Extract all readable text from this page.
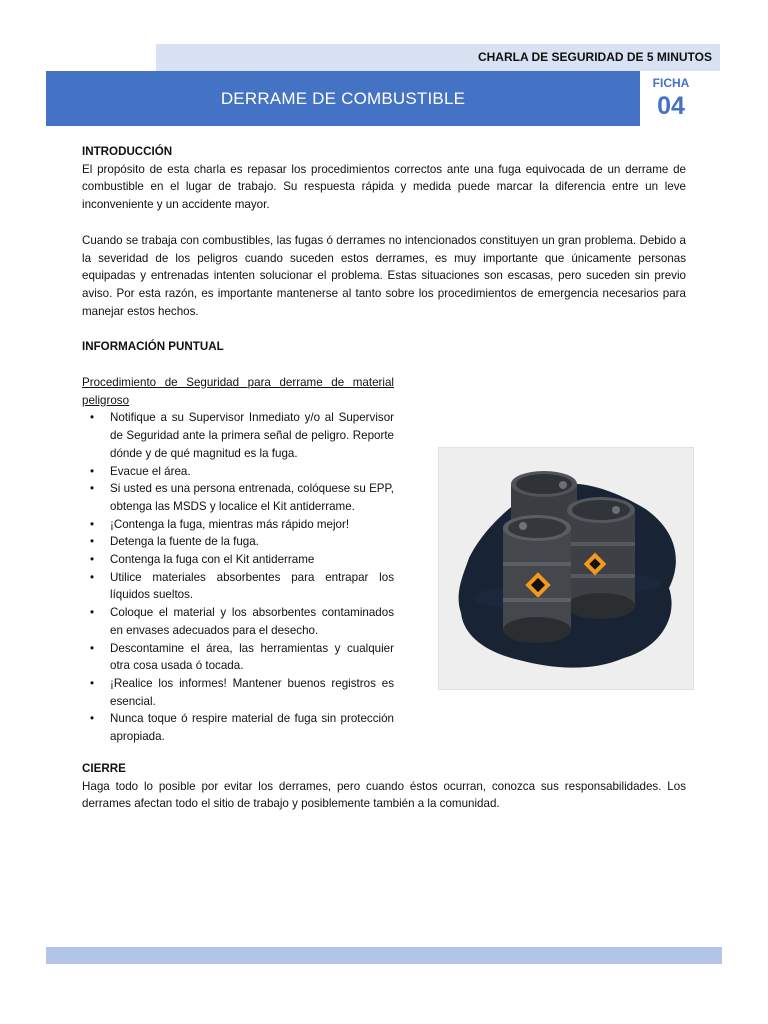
CHARLA DE SEGURIDAD DE 5 MINUTOS
DERRAME DE COMBUSTIBLE
FICHA
04

INTRODUCCIÓN

El propósito de esta charla es repasar los procedimientos correctos ante una fuga equivocada de un derrame de combustible en el lugar de trabajo. Su respuesta rápida y medida puede marcar la diferencia entre un leve inconveniente y un accidente mayor.

Cuando se trabaja con combustibles, las fugas ó derrames no intencionados constituyen un gran problema. Debido a la severidad de los peligros cuando suceden estos derrames, es muy importante que únicamente personas equipadas y entrenadas intenten solucionar el problema. Estas situaciones son escasas, pero suceden sin previo aviso. Por esta razón, es importante mantenerse al tanto sobre los procedimientos de emergencia necesarios para manejar estos hechos.

INFORMACIÓN PUNTUAL

Procedimiento de Seguridad para derrame de material peligroso

• Notifique a su Supervisor Inmediato y/o al Supervisor de Seguridad ante la primera señal de peligro. Reporte dónde y de qué magnitud es la fuga.
• Evacue el área.
• Si usted es una persona entrenada, colóquese su EPP, obtenga las MSDS y localice el Kit antiderrame.
• ¡Contenga la fuga, mientras más rápido mejor!
• Detenga la fuente de la fuga.
• Contenga la fuga con el Kit antiderrame
• Utilice materiales absorbentes para entrapar los líquidos sueltos.
• Coloque el material y los absorbentes contaminados en envases adecuados para el desecho.
• Descontamine el área, las herramientas y cualquier otra cosa usada ó tocada.
• ¡Realice los informes! Mantener buenos registros es esencial.
• Nunca toque ó respire material de fuga sin protección apropiada.

CIERRE

Haga todo lo posible por evitar los derrames, pero cuando éstos ocurran, conozca sus responsabilidades. Los derrames afectan todo el sitio de trabajo y posiblemente también a la comunidad.
